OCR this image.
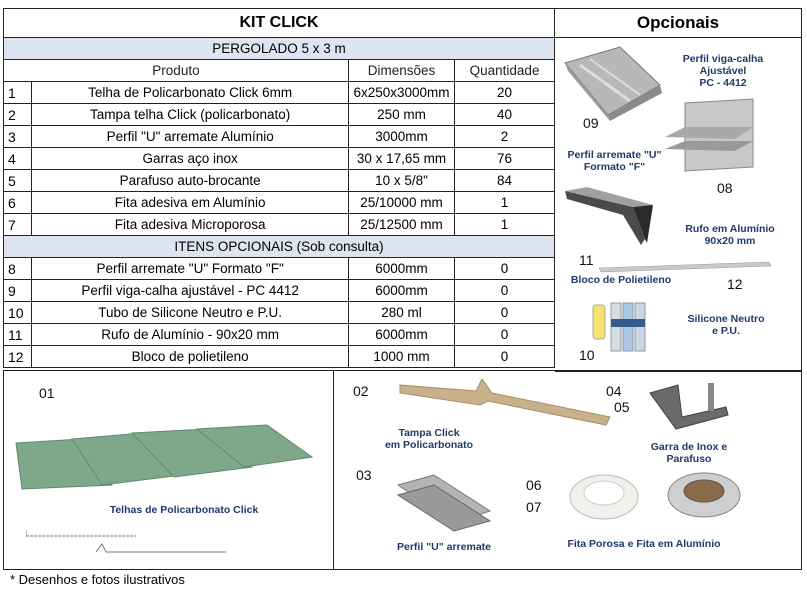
KIT CLICK			
PERGOLADO 5 x 3 m			
Produto		Dimensões	Quantidade
1	Telha de Policarbonato Click 6mm	6x250x3000mm	20
2	Tampa telha Click (policarbonato)	250 mm	40
3	Perfil "U" arremate Alumínio	3000mm	2
4	Garras aço inox	30 x 17,65 mm	76
5	Parafuso auto-brocante	10 x 5/8"	84
6	Fita adesiva em Alumínio	25/10000 mm	1
7	Fita adesiva Microporosa	25/12500 mm	1
ITENS OPCIONAIS (Sob consulta)			
8	Perfil arremate "U" Formato "F"	6000mm	0
9	Perfil viga-calha ajustável - PC 4412	6000mm	0
10	Tubo de Silicone Neutro e P.U.	280 ml	0
11	Rufo de Alumínio - 90x20 mm	6000mm	0
12	Bloco de polietileno	1000 mm	0
Opcionais
Perfil viga-calha
Ajustável
PC - 4412
09
Perfil arremate "U"
Formato "F"
08
Rufo em Alumínio
90x20 mm
11
Bloco de Polietileno	12
Silicone Neutro
e P.U.
10
01
Telhas de Policarbonato Click
02
Tampa Click
em Policarbonato
04
05
Garra de Inox e
Parafuso
03
Perfil "U" arremate
06
07
Fita Porosa e Fita em Alumínio
* Desenhos e fotos ilustrativos
